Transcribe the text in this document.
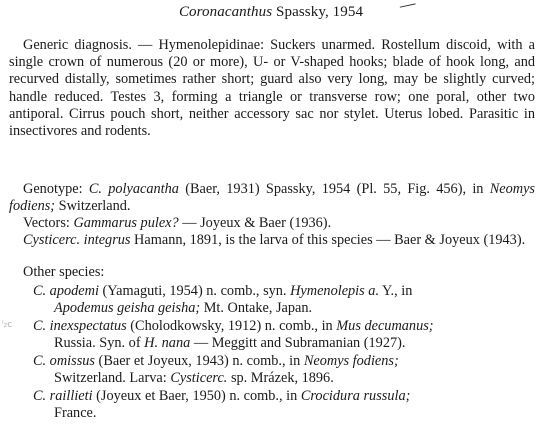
Coronacanthus Spassky, 1954

Generic diagnosis. — Hymenolepidinae: Suckers unarmed. Rostellum discoid, with a single crown of numerous (20 or more), U- or V-shaped hooks; blade of hook long, and recurved distally, sometimes rather short; guard also very long, may be slightly curved; handle reduced. Testes 3, forming a triangle or transverse row; one poral, other two antiporal. Cirrus pouch short, neither accessory sac nor stylet. Uterus lobed. Parasitic in insectivores and rodents.

Genotype: C. polyacantha (Baer, 1931) Spassky, 1954 (Pl. 55, Fig. 456), in Neomys fodiens; Switzerland.

Vectors: Gammarus pulex? — Joyeux & Baer (1936).

Cysticerc. integrus Hamann, 1891, is the larva of this species — Baer & Joyeux (1943).

Other species:

C. apodemi (Yamaguti, 1954) n. comb., syn. Hymenolepis a. Y., in
Apodemus geisha geisha; Mt. Ontake, Japan.
ⁱ₂c C. inexspectatus (Cholodkowsky, 1912) n. comb., in Mus decumanus;
Russia. Syn. of H. nana — Meggitt and Subramanian (1927).
C. omissus (Baer et Joyeux, 1943) n. comb., in Neomys fodiens;
Switzerland. Larva: Cysticerc. sp. Mrázek, 1896.
C. raillieti (Joyeux et Baer, 1950) n. comb., in Crocidura russula;
France.
